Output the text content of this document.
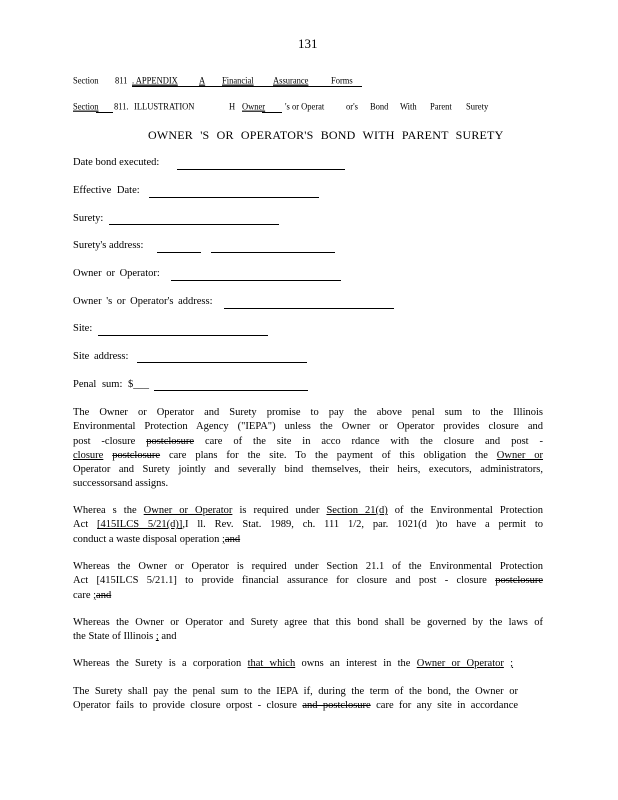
131
Section 811 . APPENDIX A Financial Assurance	Forms
Section 811. ILLUSTRATION	H Owner 's or Operat	or's Bond With Parent Surety
OWNER 'S OR OPERATOR'S BOND WITH PARENT SURETY
Date bond executed:
Effective Date:
Surety:
Surety's address:
Owner or Operator:
Owner 's or Operator's address:
Site:
Site address:
Penal sum: $___
The Owner or Operator and Surety promise to pay the above penal sum to the Illinois
Environmental Protection Agency ("IEPA") unless the Owner or Operator provides closure and
post -closure postclosure care of the site in acco rdance with the closure and post -
closure postclosure care plans for the site. To the payment of this obligation the Owner or
Operator and Surety jointly and severally bind themselves, their heirs, executors, administrators,
successorsand assigns.
Wherea s the Owner or Operator is required under Section 21(d) of the Environmental Protection
Act [415ILCS 5/21(d)],I ll. Rev. Stat. 1989, ch. 111 1/2, par. 1021(d )to have a permit to
conduct a waste disposal operation ;and
Whereas the Owner or Operator is required under Section 21.1 of the Environmental Protection
Act [415ILCS 5/21.1] to provide financial assurance for closure and post - closure postclosure
care ;and
Whereas the Owner or Operator and Surety agree that this bond shall be governed by the laws of
the State of Illinois ; and
Whereas the Surety is a corporation that which owns an interest in the Owner or Operator ;
The Surety shall pay the penal sum to the IEPA if, during the term of the bond, the Owner or
Operator fails to provide closure orpost - closure and postclosure care for any site in accordance
